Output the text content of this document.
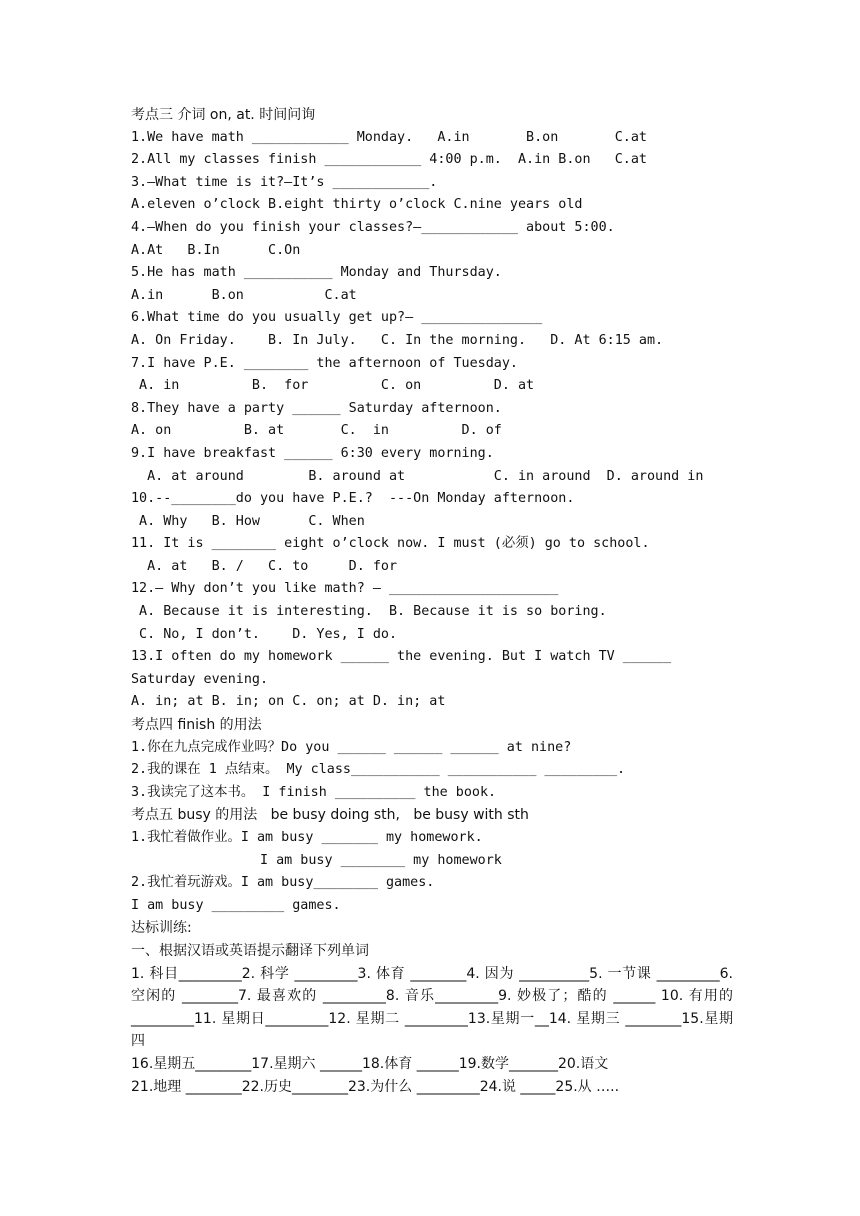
考点三 介词 on, at. 时间问询
1.We have math ____________ Monday.   A.in       B.on       C.at
2.All my classes finish ____________ 4:00 p.m.  A.in B.on   C.at
3.—What time is it?—It’s ____________.
A.eleven o’clock B.eight thirty o’clock C.nine years old
4.—When do you finish your classes?—____________ about 5:00.
A.At   B.In      C.On
5.He has math ___________ Monday and Thursday.
A.in      B.on          C.at
6.What time do you usually get up?— _______________
A. On Friday.    B. In July.   C. In the morning.   D. At 6:15 am.
7.I have P.E. ________ the afternoon of Tuesday.
A. in         B.  for         C. on         D. at
8.They have a party ______ Saturday afternoon.
A. on         B. at       C.  in         D. of
9.I have breakfast ______ 6:30 every morning.
A. at around        B. around at           C. in around  D. around in
10.--________do you have P.E.?  ---On Monday afternoon.
A. Why   B. How      C. When
11. It is ________ eight o’clock now. I must (必须) go to school.
A. at   B. /   C. to     D. for
12.— Why don’t you like math? — _____________________
A. Because it is interesting.  B. Because it is so boring.
C. No, I don’t.    D. Yes, I do.
13.I often do my homework ______ the evening. But I watch TV ______
Saturday evening.
A. in; at B. in; on C. on; at D. in; at
考点四 finish 的用法
1.你在九点完成作业吗？Do you ______ ______ ______ at nine?
2.我的课在 1 点结束。 My class___________ ___________ _________.
3.我读完了这本书。 I finish __________ the book.
考点五 busy 的用法   be busy doing sth,   be busy with sth
1.我忙着做作业。I am busy _______ my homework.
I am busy ________ my homework
2.我忙着玩游戏。I am busy________ games.
I am busy _________ games.
达标训练:
一、根据汉语或英语提示翻译下列单词
1. 科目_________2. 科学 _________3. 体育 ________4. 因为 __________5. 一节课 _________6. 空闲的 ________7. 最喜欢的 _________8. 音乐_________9. 妙极了；酷的 ______ 10. 有用的 _________11. 星期日_________12. 星期二 _________13.星期一__14. 星期三 ________15.星期四
16.星期五________17.星期六 ______18.体育 ______19.数学_______20.语文
21.地理 ________22.历史________23.为什么 _________24.说 _____25.从 …..
